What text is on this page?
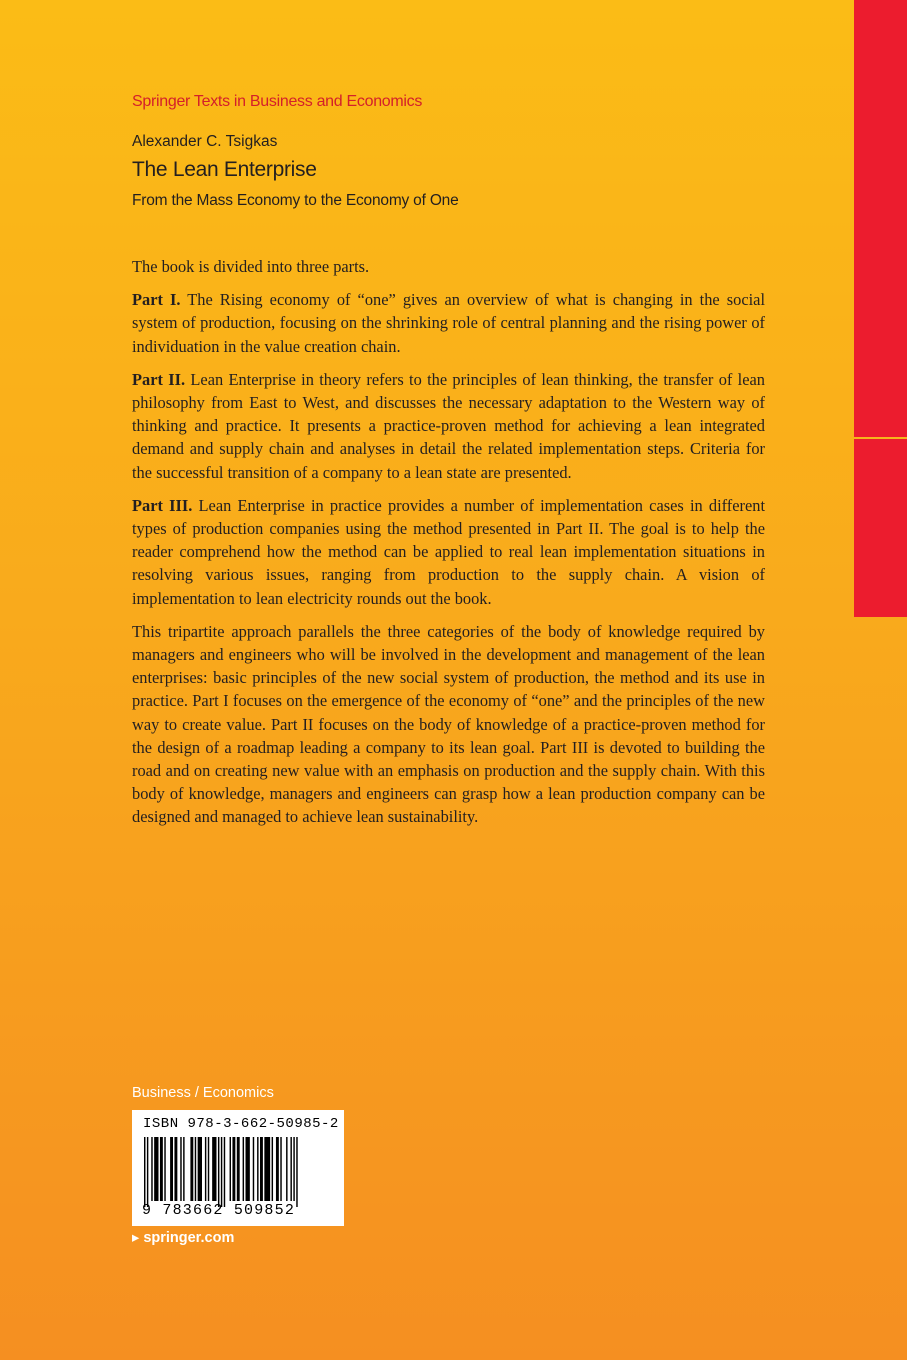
Springer Texts in Business and Economics
Alexander C. Tsigkas
The Lean Enterprise
From the Mass Economy to the Economy of One

The book is divided into three parts.

Part I. The Rising economy of “one” gives an overview of what is changing in the social system of production, focusing on the shrinking role of central planning and the rising power of individuation in the value creation chain.

Part II. Lean Enterprise in theory refers to the principles of lean thinking, the transfer of lean philosophy from East to West, and discusses the necessary adaptation to the Western way of thinking and practice. It presents a practice-proven method for achieving a lean integrated demand and supply chain and analyses in detail the related implementation steps. Criteria for the successful transition of a company to a lean state are presented.

Part III. Lean Enterprise in practice provides a number of implementation cases in different types of production companies using the method presented in Part II. The goal is to help the reader comprehend how the method can be applied to real lean implementation situations in resolving various issues, ranging from production to the supply chain. A vision of implementation to lean electricity rounds out the book.

This tripartite approach parallels the three categories of the body of knowledge required by managers and engineers who will be involved in the development and management of the lean enterprises: basic principles of the new social system of production, the method and its use in practice. Part I focuses on the emergence of the economy of “one” and the principles of the new way to create value. Part II focuses on the body of knowledge of a practice-proven method for the design of a roadmap leading a company to its lean goal. Part III is devoted to building the road and on creating new value with an emphasis on production and the supply chain. With this body of knowledge, managers and engineers can grasp how a lean production company can be designed and managed to achieve lean sustainability.

Business / Economics
ISBN 978-3-662-50985-2
9 783662 509852
▸ springer.com
